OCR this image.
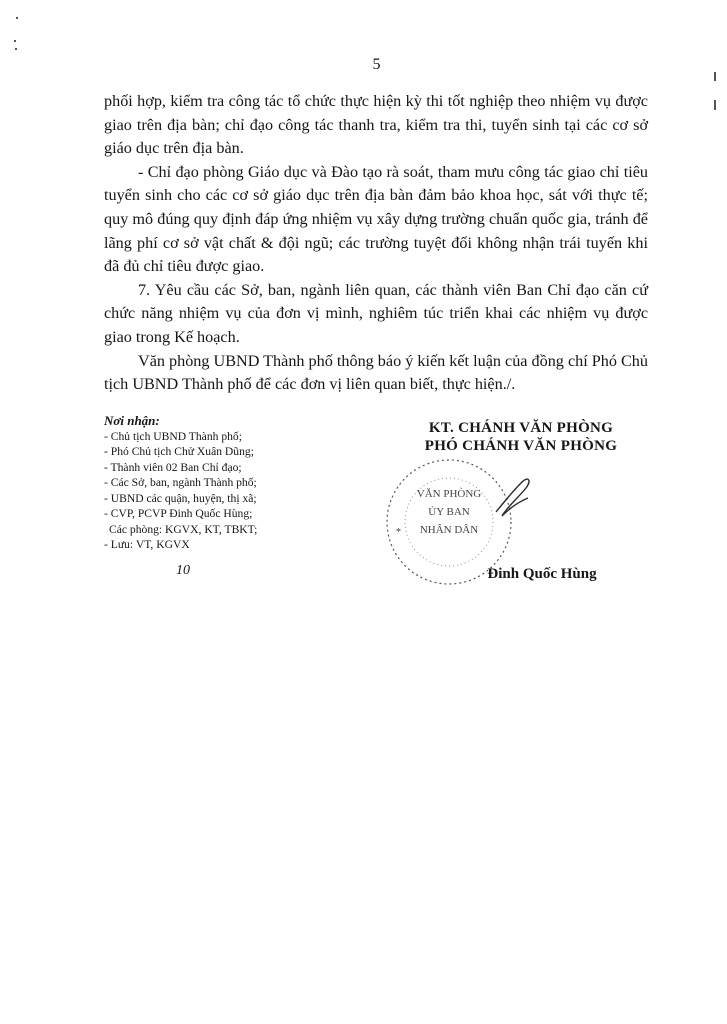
5

phối hợp, kiểm tra công tác tổ chức thực hiện kỳ thi tốt nghiệp theo nhiệm vụ được giao trên địa bàn; chỉ đạo công tác thanh tra, kiểm tra thi, tuyển sinh tại các cơ sở giáo dục trên địa bàn.

- Chỉ đạo phòng Giáo dục và Đào tạo rà soát, tham mưu công tác giao chỉ tiêu tuyển sinh cho các cơ sở giáo dục trên địa bàn đảm bảo khoa học, sát với thực tế; quy mô đúng quy định đáp ứng nhiệm vụ xây dựng trường chuẩn quốc gia, tránh để lãng phí cơ sở vật chất & đội ngũ; các trường tuyệt đối không nhận trái tuyến khi đã đủ chỉ tiêu được giao.

7. Yêu cầu các Sở, ban, ngành liên quan, các thành viên Ban Chỉ đạo căn cứ chức năng nhiệm vụ của đơn vị mình, nghiêm túc triển khai các nhiệm vụ được giao trong Kế hoạch.

Văn phòng UBND Thành phố thông báo ý kiến kết luận của đồng chí Phó Chủ tịch UBND Thành phố để các đơn vị liên quan biết, thực hiện./.

Nơi nhận:
- Chủ tịch UBND Thành phố;
- Phó Chủ tịch Chử Xuân Dũng;
- Thành viên 02 Ban Chỉ đạo;
- Các Sở, ban, ngành Thành phố;
- UBND các quận, huyện, thị xã;
- CVP, PCVP Đinh Quốc Hùng;
Các phòng: KGVX, KT, TBKT;
- Lưu: VT, KGVX
10
KT. CHÁNH VĂN PHÒNG
PHÓ CHÁNH VĂN PHÒNG
VĂN PHÒNG
ỦY BAN
NHÂN DÂN
*
Đinh Quốc Hùng
